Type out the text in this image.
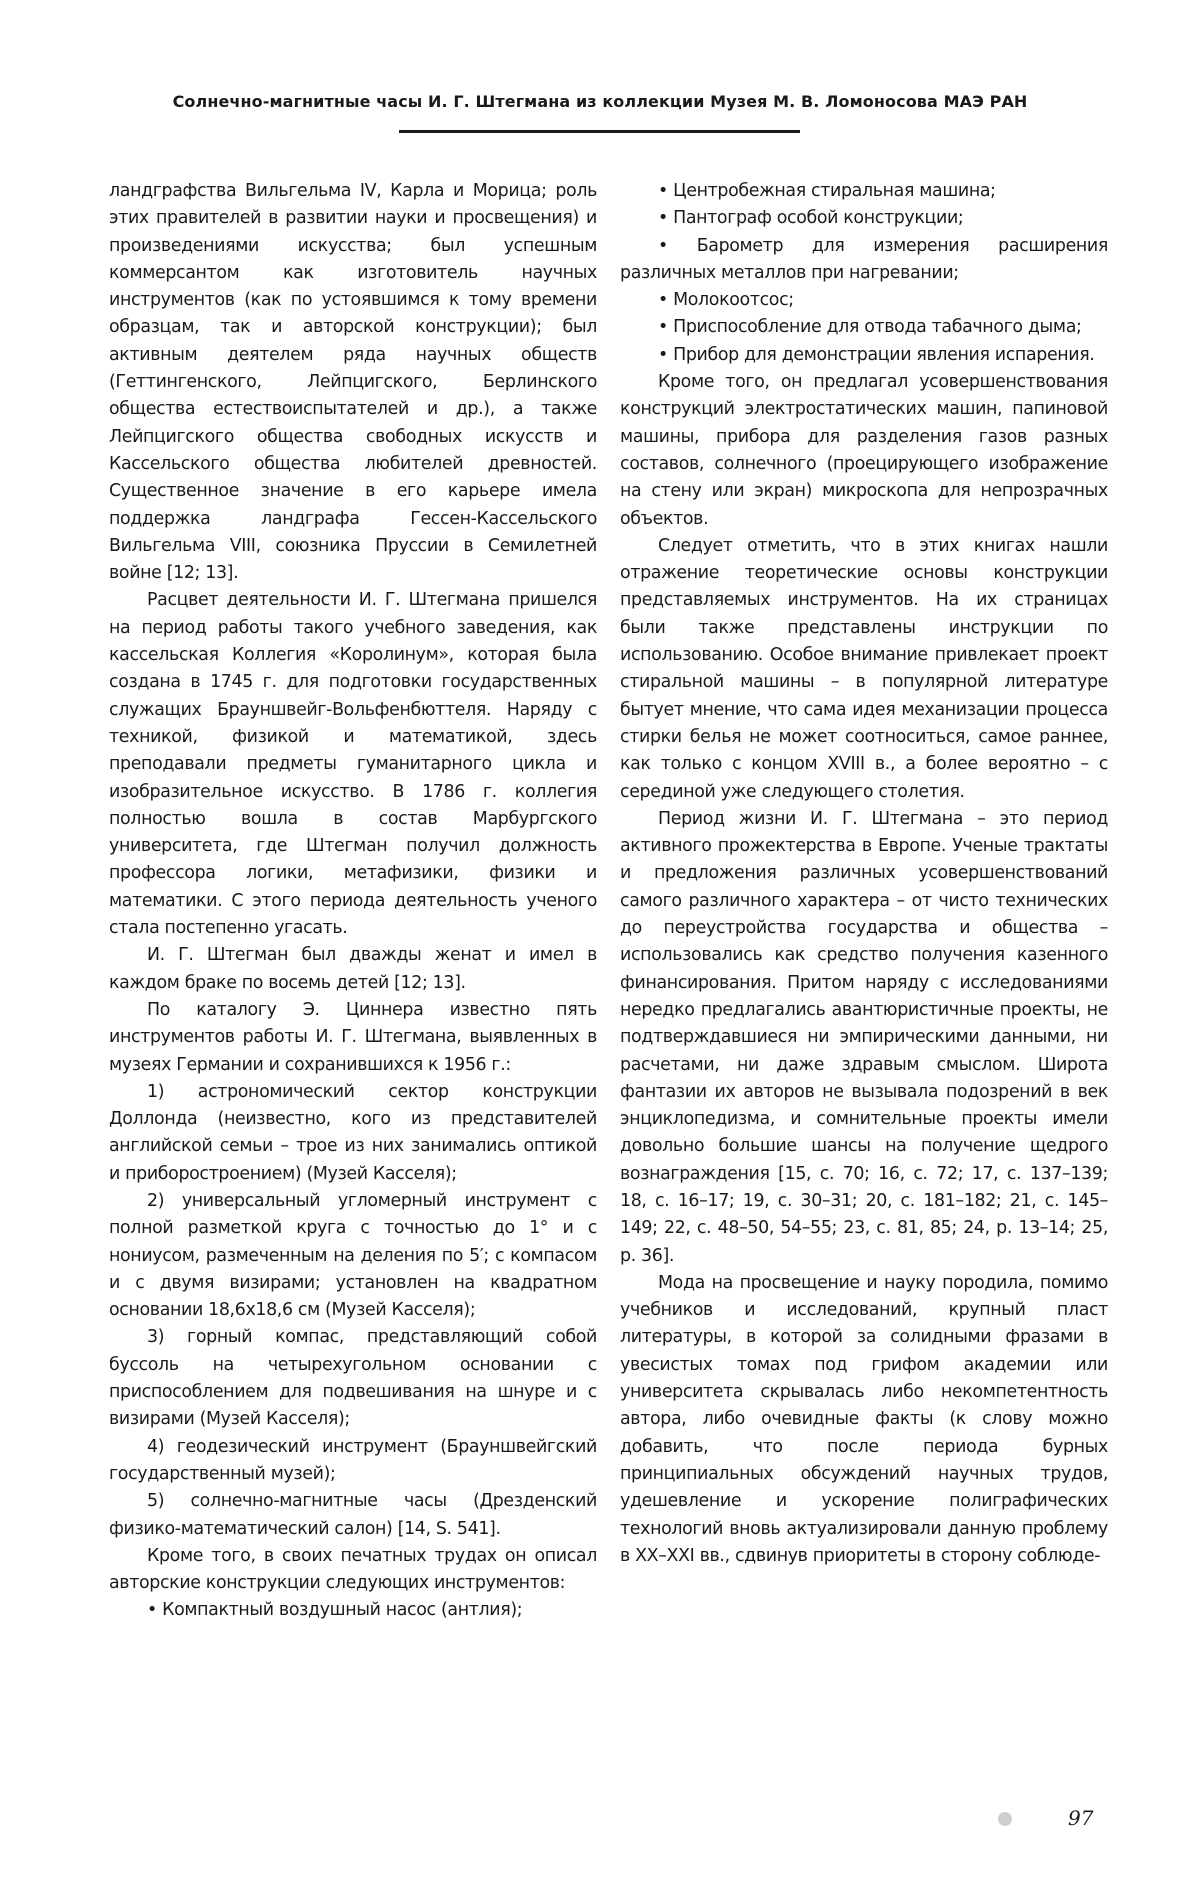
Солнечно-магнитные часы И. Г. Штегмана из коллекции Музея М. В. Ломоносова МАЭ РАН

ландграфства Вильгельма IV, Карла и Морица; роль этих правителей в развитии науки и просвещения) и произведениями искусства; был успешным коммерсантом как изготовитель научных инструментов (как по устоявшимся к тому времени образцам, так и авторской конструкции); был активным деятелем ряда научных обществ (Геттингенского, Лейпцигского, Берлинского общества естествоиспытателей и др.), а также Лейпцигского общества свободных искусств и Кассельского общества любителей древностей. Существенное значение в его карьере имела поддержка ландграфа Гессен-Кассельского Вильгельма VIII, союзника Пруссии в Семилетней войне [12; 13].

Расцвет деятельности И. Г. Штегмана пришелся на период работы такого учебного заведения, как кассельская Коллегия «Королинум», которая была создана в 1745 г. для подготовки государственных служащих Брауншвейг-Вольфенбюттеля. Наряду с техникой, физикой и математикой, здесь преподавали предметы гуманитарного цикла и изобразительное искусство. В 1786 г. коллегия полностью вошла в состав Марбургского университета, где Штегман получил должность профессора логики, метафизики, физики и математики. С этого периода деятельность ученого стала постепенно угасать.

И. Г. Штегман был дважды женат и имел в каждом браке по восемь детей [12; 13].

По каталогу Э. Циннера известно пять инструментов работы И. Г. Штегмана, выявленных в музеях Германии и сохранившихся к 1956 г.:

1) астрономический сектор конструкции Доллонда (неизвестно, кого из представителей английской семьи – трое из них занимались оптикой и приборостроением) (Музей Касселя);

2) универсальный угломерный инструмент с полной разметкой круга с точностью до 1° и с нониусом, размеченным на деления по 5′; с компасом и с двумя визирами; установлен на квадратном основании 18,6х18,6 см (Музей Касселя);

3) горный компас, представляющий собой буссоль на четырехугольном основании с приспособлением для подвешивания на шнуре и с визирами (Музей Касселя);

4) геодезический инструмент (Брауншвейгский государственный музей);

5) солнечно-магнитные часы (Дрезденский физико-математический салон) [14, S. 541].

Кроме того, в своих печатных трудах он описал авторские конструкции следующих инструментов:

• Компактный воздушный насос (антлия);

• Центробежная стиральная машина;

• Пантограф особой конструкции;

• Барометр для измерения расширения различных металлов при нагревании;

• Молокоотсос;

• Приспособление для отвода табачного дыма;

• Прибор для демонстрации явления испарения.

Кроме того, он предлагал усовершенствования конструкций электростатических машин, папиновой машины, прибора для разделения газов разных составов, солнечного (проецирующего изображение на стену или экран) микроскопа для непрозрачных объектов.

Следует отметить, что в этих книгах нашли отражение теоретические основы конструкции представляемых инструментов. На их страницах были также представлены инструкции по использованию. Особое внимание привлекает проект стиральной машины – в популярной литературе бытует мнение, что сама идея механизации процесса стирки белья не может соотноситься, самое раннее, как только с концом XVIII в., а более вероятно – с серединой уже следующего столетия.

Период жизни И. Г. Штегмана – это период активного прожектерства в Европе. Ученые трактаты и предложения различных усовершенствований самого различного характера – от чисто технических до переустройства государства и общества – использовались как средство получения казенного финансирования. Притом наряду с исследованиями нередко предлагались авантюристичные проекты, не подтверждавшиеся ни эмпирическими данными, ни расчетами, ни даже здравым смыслом. Широта фантазии их авторов не вызывала подозрений в век энциклопедизма, и сомнительные проекты имели довольно большие шансы на получение щедрого вознаграждения [15, с. 70; 16, с. 72; 17, с. 137–139; 18, с. 16–17; 19, с. 30–31; 20, с. 181–182; 21, с. 145–149; 22, с. 48–50, 54–55; 23, с. 81, 85; 24, р. 13–14; 25, р. 36].

Мода на просвещение и науку породила, помимо учебников и исследований, крупный пласт литературы, в которой за солидными фразами в увесистых томах под грифом академии или университета скрывалась либо некомпетентность автора, либо очевидные факты (к слову можно добавить, что после периода бурных принципиальных обсуждений научных трудов, удешевление и ускорение полиграфических технологий вновь актуализировали данную проблему в XX–XXI вв., сдвинув приоритеты в сторону соблюде-

97
